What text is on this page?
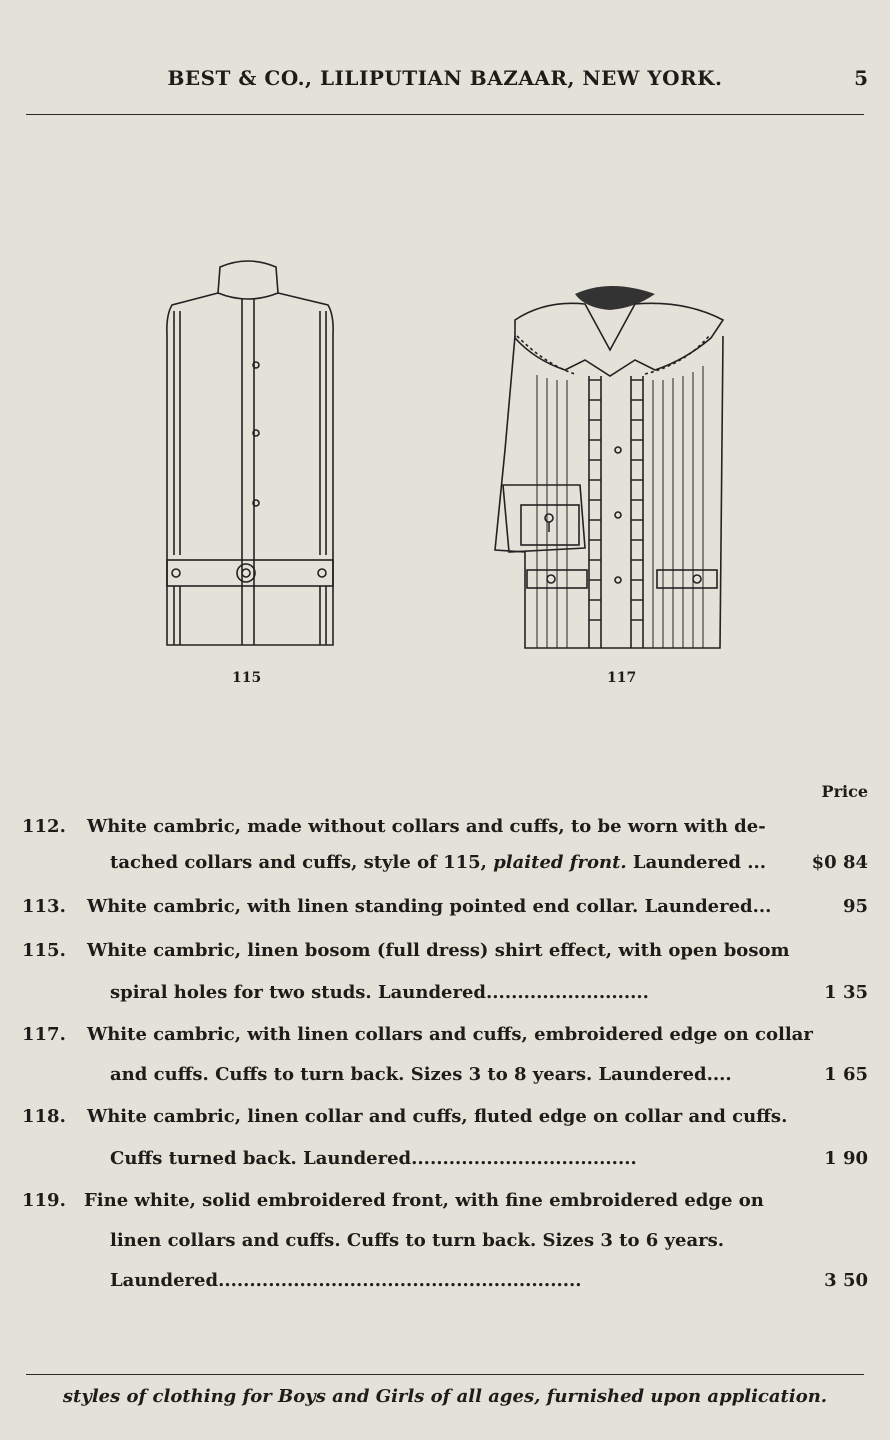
BEST & CO., LILIPUTIAN BAZAAR, NEW YORK.	5
115	117
Price
112. White cambric, made without collars and cuffs, to be worn with de-
tached collars and cuffs, style of 115, plaited front. Laundered ...	$0 84
113. White cambric, with linen standing pointed end collar. Laundered...	95
115. White cambric, linen bosom (full dress) shirt effect, with open bosom
spiral holes for two studs. Laundered..........................	1 35
117. White cambric, with linen collars and cuffs, embroidered edge on collar
and cuffs. Cuffs to turn back. Sizes 3 to 8 years. Laundered....	1 65
118. White cambric, linen collar and cuffs, fluted edge on collar and cuffs.
Cuffs turned back. Laundered....................................	1 90
119. Fine white, solid embroidered front, with fine embroidered edge on
linen collars and cuffs. Cuffs to turn back. Sizes 3 to 6 years.
Laundered..........................................................	3 50
styles of clothing for Boys and Girls of all ages, furnished upon application.
